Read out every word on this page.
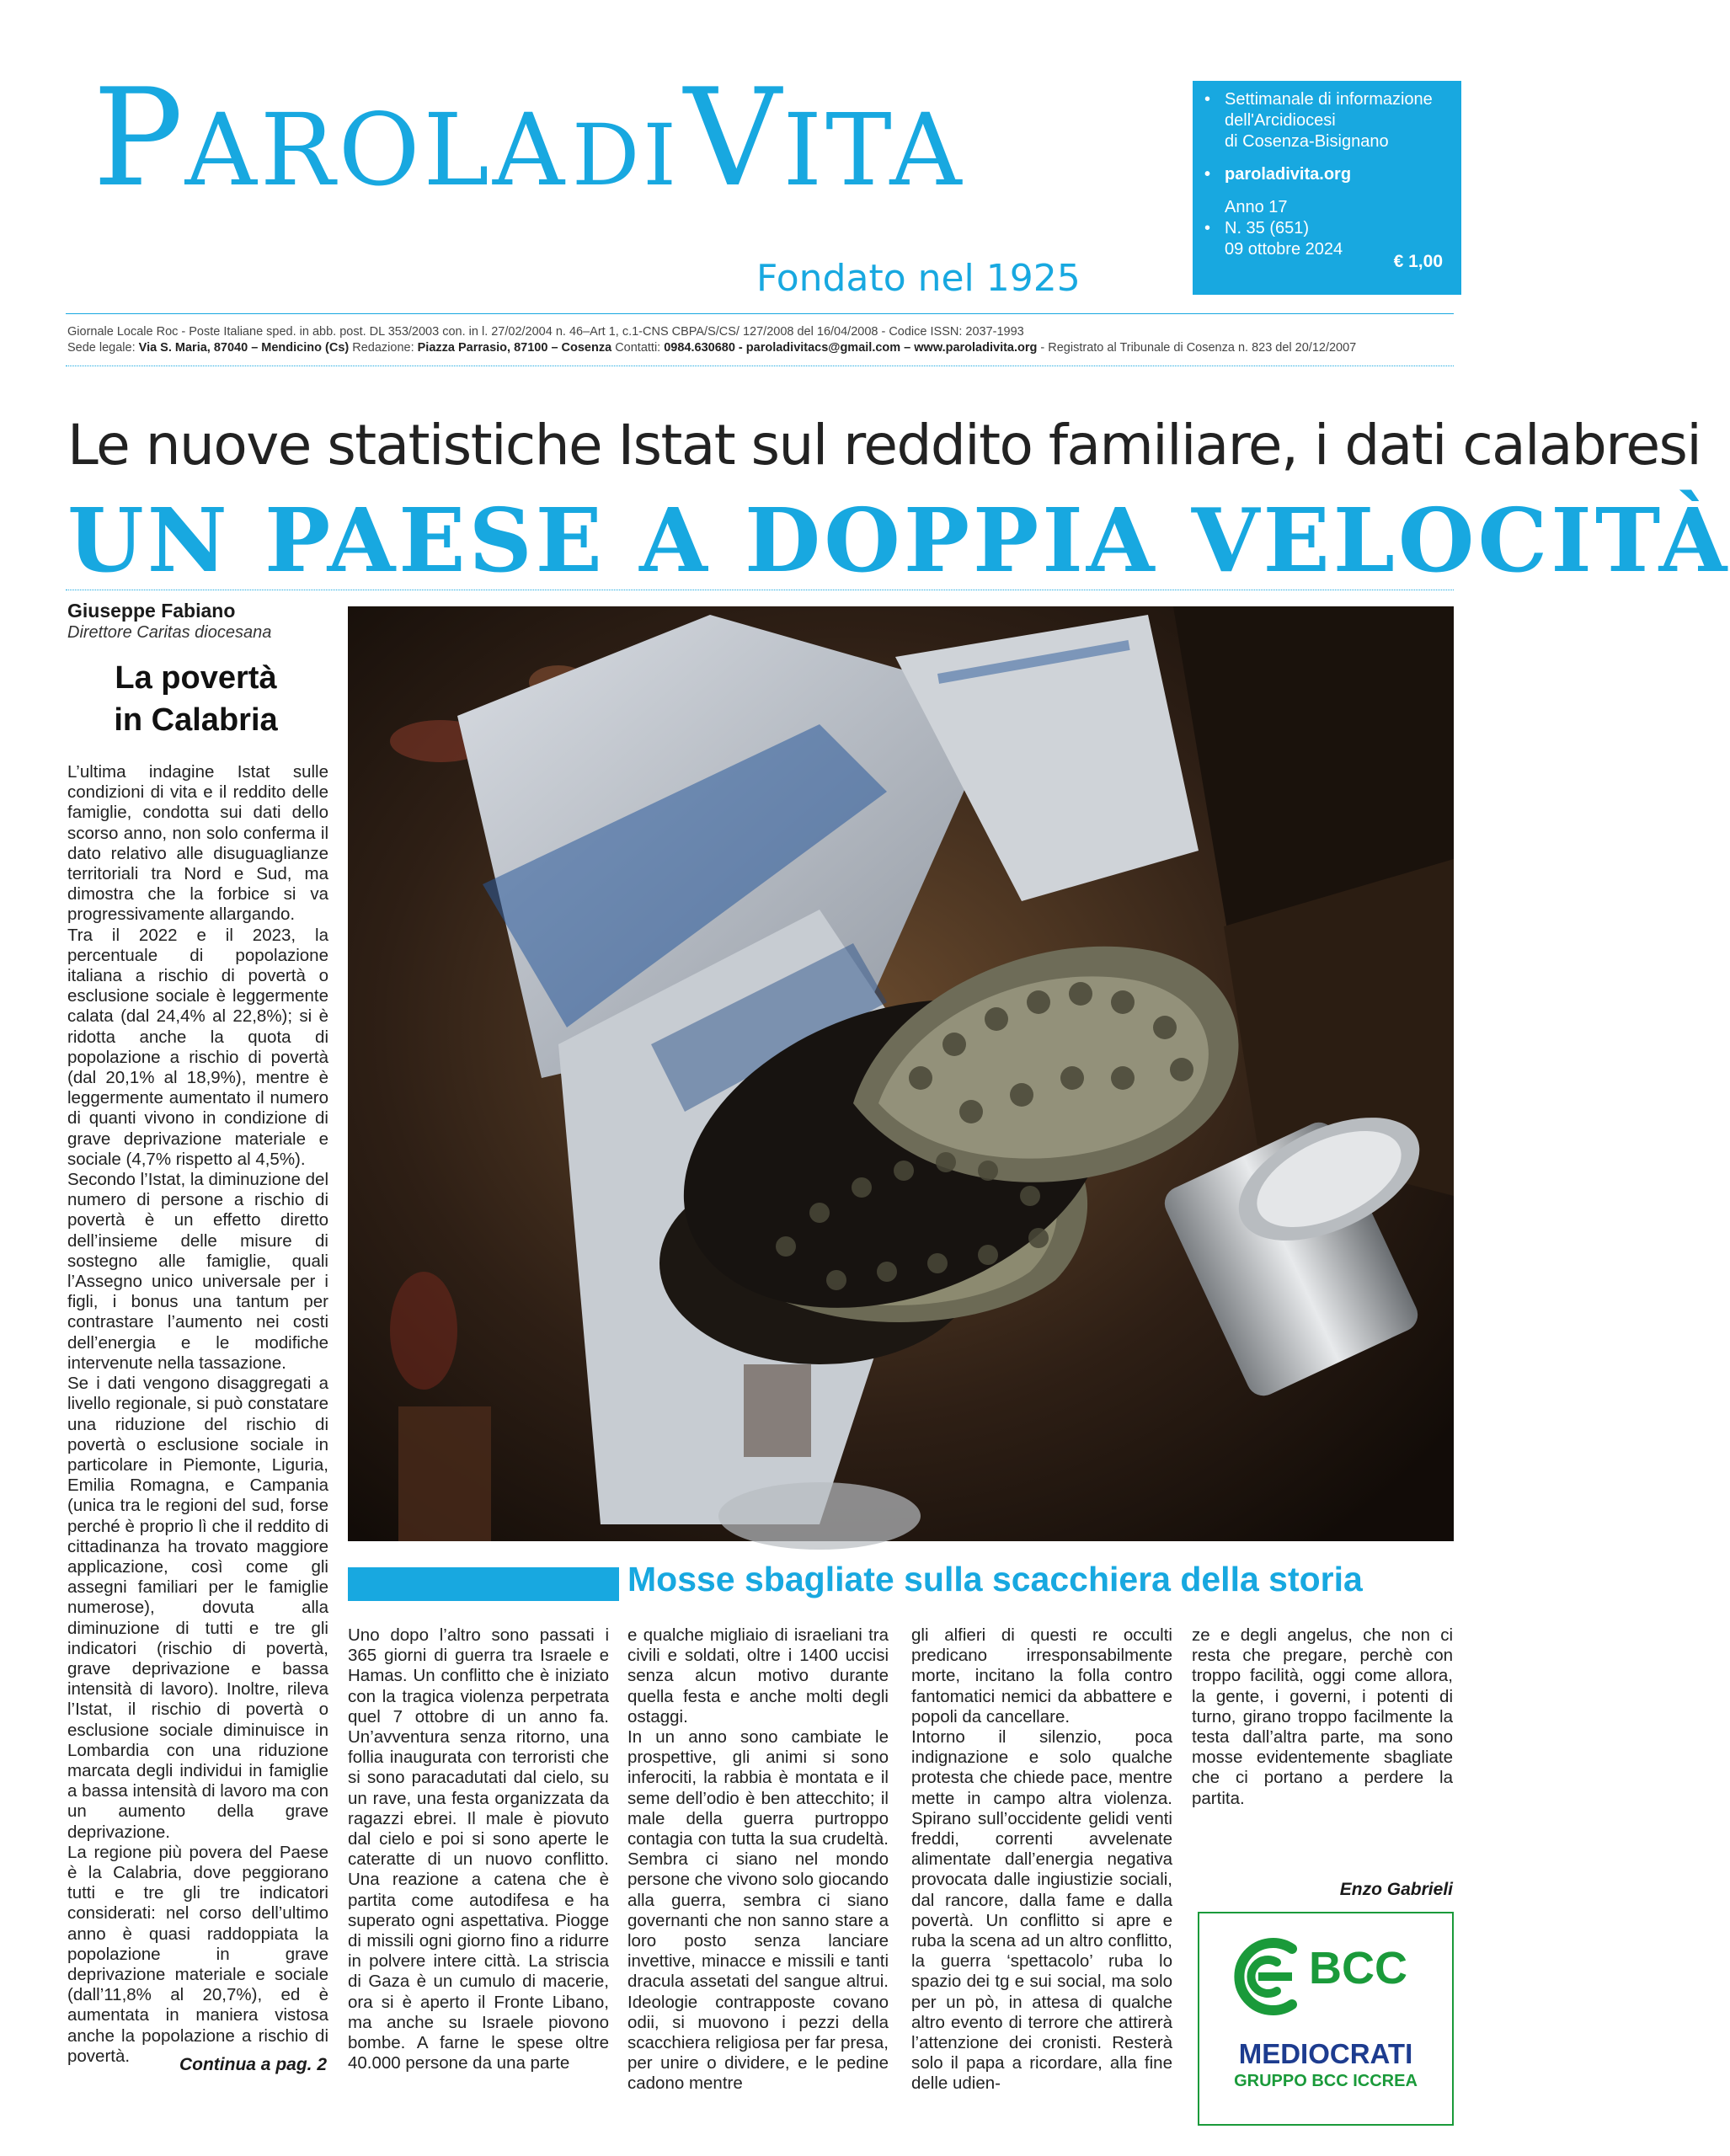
PAROLA DI VITA
Fondato nel 1925
• Settimanale di informazione
dell'Arcidiocesi
di Cosenza-Bisignano
• paroladivita.org
Anno 17
• N. 35 (651)
09 ottobre 2024
€ 1,00
Giornale Locale Roc - Poste Italiane sped. in abb. post. DL 353/2003 con. in l. 27/02/2004 n. 46–Art 1, c.1-CNS CBPA/S/CS/ 127/2008 del 16/04/2008 - Codice ISSN: 2037-1993
Sede legale: Via S. Maria, 87040 – Mendicino (Cs) Redazione: Piazza Parrasio, 87100 – Cosenza Contatti: 0984.630680 - paroladivitacs@gmail.com – www.paroladivita.org - Registrato al Tribunale di Cosenza n. 823 del 20/12/2007
Le nuove statistiche Istat sul reddito familiare, i dati calabresi
UN PAESE A DOPPIA VELOCITÀ
Giuseppe Fabiano
Direttore Caritas diocesana
La povertà
in Calabria

L’ultima indagine Istat sulle condizioni di vita e il reddito delle famiglie, condotta sui dati dello scorso anno, non solo conferma il dato relativo alle disuguaglianze territoriali tra Nord e Sud, ma dimostra che la forbice si va progressivamente allargando.

Tra il 2022 e il 2023, la percentuale di popolazione italiana a rischio di povertà o esclusione sociale è leggermente calata (dal 24,4% al 22,8%); si è ridotta anche la quota di popolazione a rischio di povertà (dal 20,1% al 18,9%), mentre è leggermente aumentato il numero di quanti vivono in condizione di grave deprivazione materiale e sociale (4,7% rispetto al 4,5%).

Secondo l’Istat, la diminuzione del numero di persone a rischio di povertà è un effetto diretto dell’insieme delle misure di sostegno alle famiglie, quali l’Assegno unico universale per i figli, i bonus una tantum per contrastare l’aumento nei costi dell’energia e le modifiche intervenute nella tassazione.

Se i dati vengono disaggregati a livello regionale, si può constatare una riduzione del rischio di povertà o esclusione sociale in particolare in Piemonte, Liguria, Emilia Romagna, e Campania (unica tra le regioni del sud, forse perché è proprio lì che il reddito di cittadinanza ha trovato maggiore applicazione, così come gli assegni familiari per le famiglie numerose), dovuta alla diminuzione di tutti e tre gli indicatori (rischio di povertà, grave deprivazione e bassa intensità di lavoro). Inoltre, rileva l’Istat, il rischio di povertà o esclusione sociale diminuisce in Lombardia con una riduzione marcata degli individui in famiglie a bassa intensità di lavoro ma con un aumento della grave deprivazione.

La regione più povera del Paese è la Calabria, dove peggiorano tutti e tre gli tre indicatori considerati: nel corso dell’ultimo anno è quasi raddoppiata la popolazione in grave deprivazione materiale e sociale (dall’11,8% al 20,7%), ed è aumentata in maniera vistosa anche la popolazione a rischio di povertà.	Continua a pag. 2
Mosse sbagliate sulla scacchiera della storia

Uno dopo l’altro sono passati i 365 giorni di guerra tra Israele e Hamas. Un conflitto che è iniziato con la tragica violenza perpetrata quel 7 ottobre di un anno fa. Un’avventura senza ritorno, una follia inaugurata con terroristi che si sono paracadutati dal cielo, su un rave, una festa organizzata da ragazzi ebrei. Il male è piovuto dal cielo e poi si sono aperte le cateratte di un nuovo conflitto. Una reazione a catena che è partita come autodifesa e ha superato ogni aspettativa. Piogge di missili ogni giorno fino a ridurre in polvere intere città. La striscia di Gaza è un cumulo di macerie, ora si è aperto il Fronte Libano, ma anche su Israele piovono bombe. A farne le spese oltre 40.000 persone da una parte

e qualche migliaio di israeliani tra civili e soldati, oltre i 1400 uccisi senza alcun motivo durante quella festa e anche molti degli ostaggi.

In un anno sono cambiate le prospettive, gli animi si sono inferociti, la rabbia è montata e il seme dell’odio è ben attecchito; il male della guerra purtroppo contagia con tutta la sua crudeltà. Sembra ci siano nel mondo persone che vivono solo giocando alla guerra, sembra ci siano governanti che non sanno stare a loro posto senza lanciare invettive, minacce e missili e tanti dracula assetati del sangue altrui. Ideologie contrapposte covano odii, si muovono i pezzi della scacchiera religiosa per far presa, per unire o dividere, e le pedine cadono mentre

gli alfieri di questi re occulti predicano irresponsabilmente morte, incitano la folla contro fantomatici nemici da abbattere e popoli da cancellare.

Intorno il silenzio, poca indignazione e solo qualche protesta che chiede pace, mentre mette in campo altra violenza. Spirano sull’occidente gelidi venti freddi, correnti avvelenate alimentate dall’energia negativa provocata dalle ingiustizie sociali, dal rancore, dalla fame e dalla povertà. Un conflitto si apre e ruba la scena ad un altro conflitto, la guerra ‘spettacolo’ ruba lo spazio dei tg e sui social, ma solo per un pò, in attesa di qualche altro evento di terrore che attirerà l’attenzione dei cronisti. Resterà solo il papa a ricordare, alla fine delle udien-

ze e degli angelus, che non ci resta che pregare, perchè con troppo facilità, oggi come allora, la gente, i governi, i potenti di turno, girano troppo facilmente la testa dall’altra parte, ma sono mosse evidentemente sbagliate che ci portano a perdere la partita.

Enzo Gabrieli
BCC
MEDIOCRATI
GRUPPO BCC ICCREA
